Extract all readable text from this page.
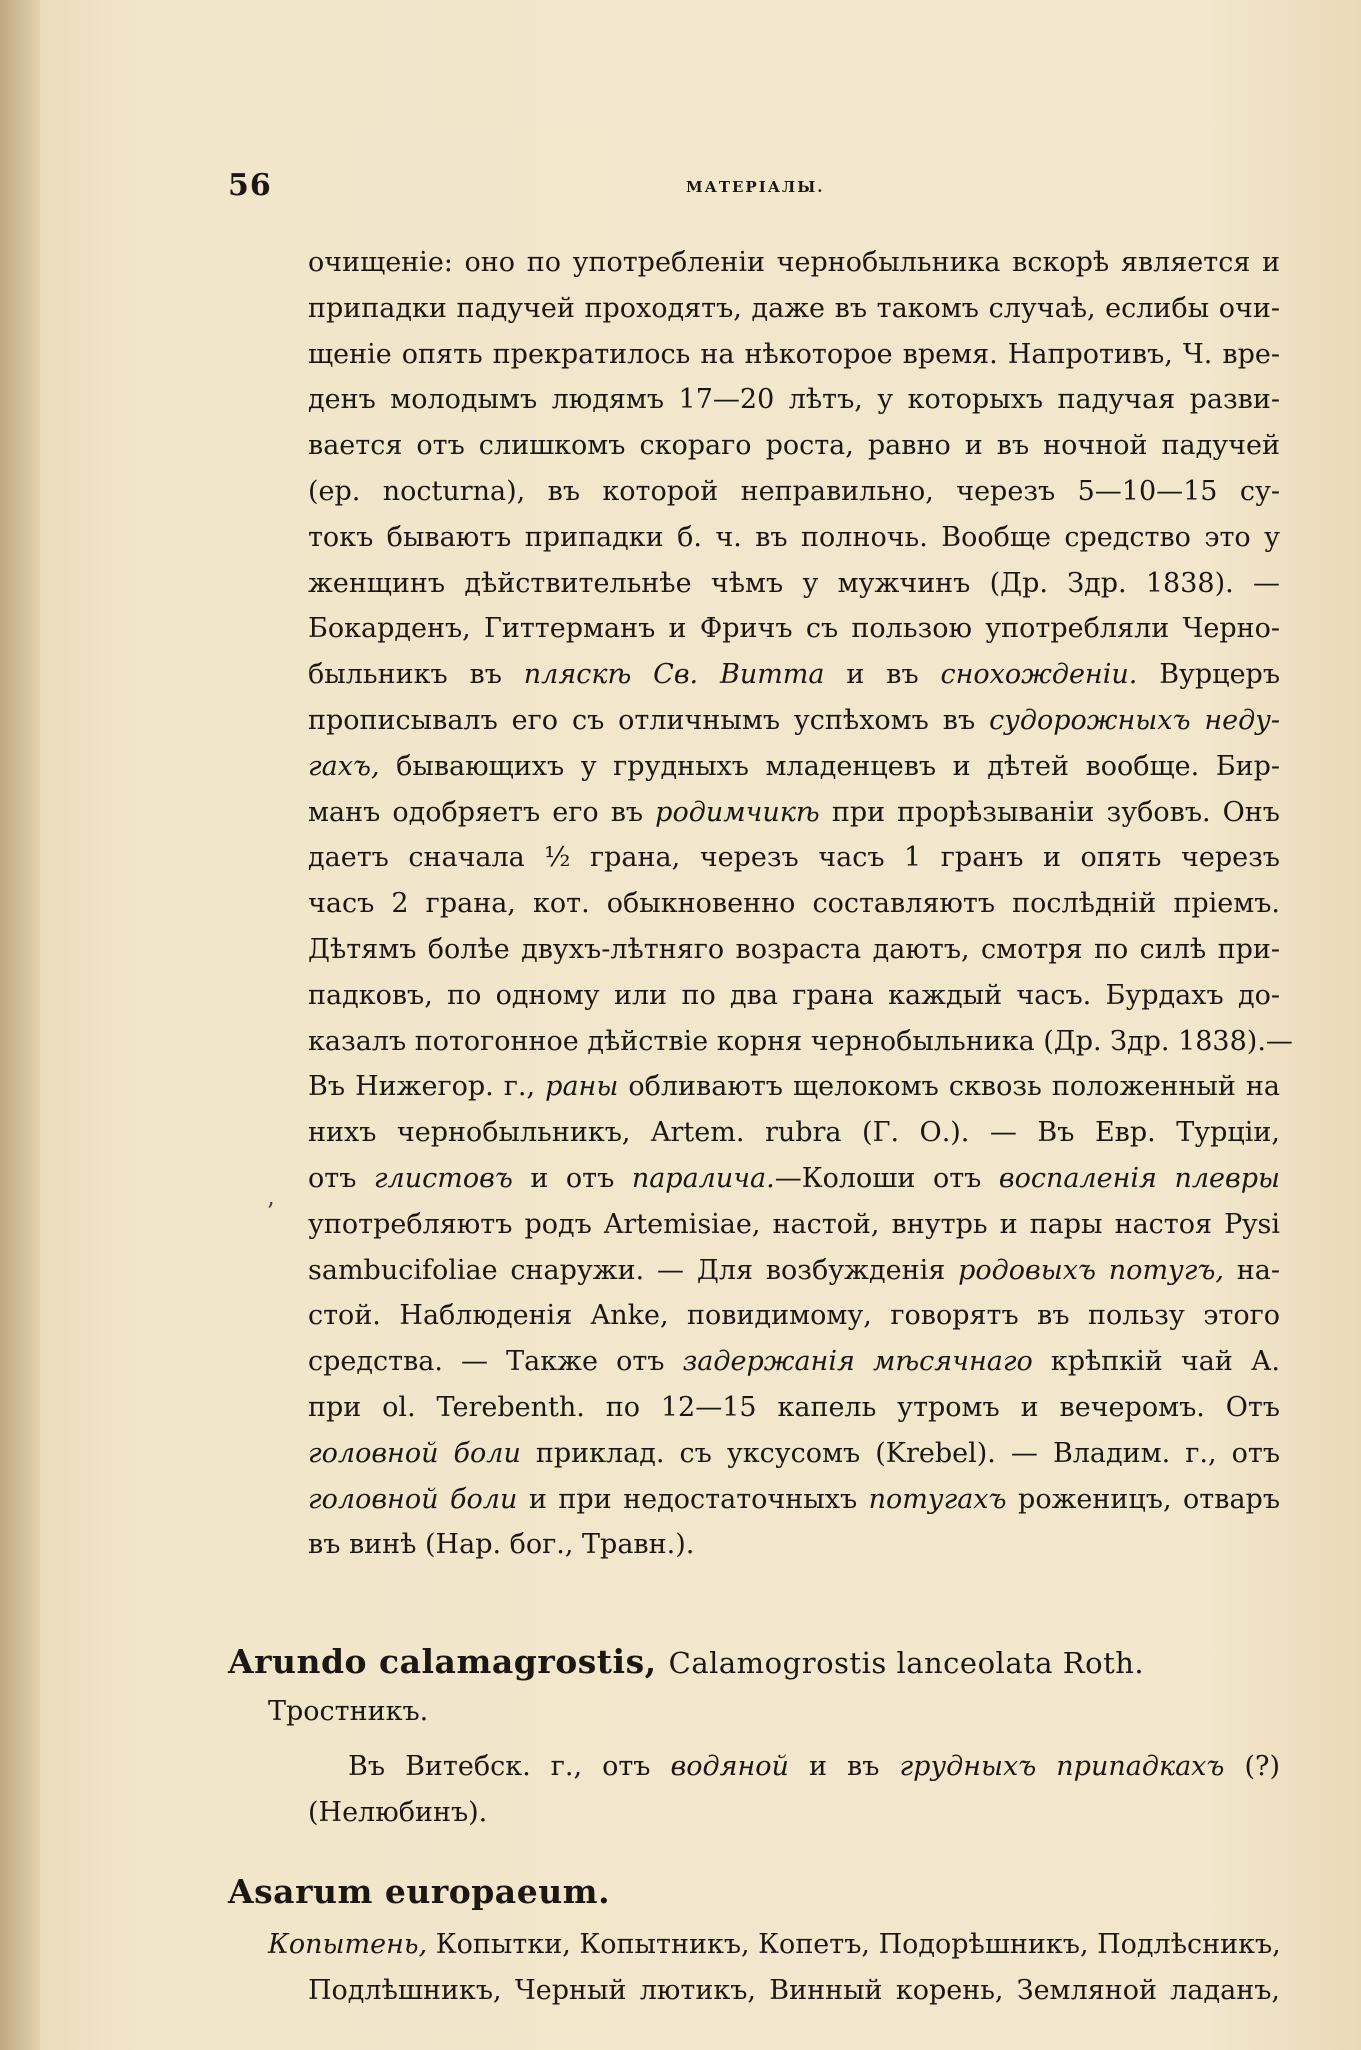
56	МАТЕРІАЛЫ.
ʼ
очищеніе: оно по употребленіи чернобыльника вскорѣ является и
припадки падучей проходятъ, даже въ такомъ случаѣ, еслибы очи-
щеніе опять прекратилось на нѣкоторое время. Напротивъ, Ч. вре-
денъ молодымъ людямъ 17—20 лѣтъ, у которыхъ падучая разви-
вается отъ слишкомъ скораго роста, равно и въ ночной падучей
(ер. nocturna), въ которой неправильно, черезъ 5—10—15 су-
токъ бываютъ припадки б. ч. въ полночь. Вообще средство это у
женщинъ дѣйствительнѣе чѣмъ у мужчинъ (Др. Здр. 1838). —
Бокарденъ, Гиттерманъ и Фричъ съ пользою употребляли Черно-
быльникъ въ пляскѣ Св. Витта и въ снохожденіи. Вурцеръ
прописывалъ его съ отличнымъ успѣхомъ въ судорожныхъ неду-
гахъ, бывающихъ у грудныхъ младенцевъ и дѣтей вообще. Бир-
манъ одобряетъ его въ родимчикѣ при прорѣзываніи зубовъ. Онъ
даетъ сначала ½ грана, черезъ часъ 1 гранъ и опять черезъ
часъ 2 грана, кот. обыкновенно составляютъ послѣдній пріемъ.
Дѣтямъ болѣе двухъ-лѣтняго возраста даютъ, смотря по силѣ при-
падковъ, по одному или по два грана каждый часъ. Бурдахъ до-
казалъ потогонное дѣйствіе корня чернобыльника (Др. Здр. 1838).—
Въ Нижегор. г., раны обливаютъ щелокомъ сквозь положенный на
нихъ чернобыльникъ, Artem. rubra (Г. О.). — Въ Евр. Турціи,
отъ глистовъ и отъ паралича.—Колоши отъ воспаленія плевры
употребляютъ родъ Artemisiae, настой, внутрь и пары настоя Pysi
sambucifoliae снаружи. — Для возбужденія родовыхъ потугъ, на-
стой. Наблюденія Anke, повидимому, говорятъ въ пользу этого
средства. — Также отъ задержанія мѣсячнаго крѣпкій чай А.
при ol. Terebenth. по 12—15 капель утромъ и вечеромъ. Отъ
головной боли приклад. съ уксусомъ (Krebel). — Владим. г., отъ
головной боли и при недостаточныхъ потугахъ роженицъ, отваръ
въ винѣ (Нар. бог., Травн.).
Arundo calamagrostis, Calamogrostis lanceolata Roth.
Тростникъ.
Въ Витебск. г., отъ водяной и въ грудныхъ припадкахъ (?)
(Нелюбинъ).
Asarum europaeum.
Копытень, Копытки, Копытникъ, Копетъ, Подорѣшникъ, Подлѣсникъ,
Подлѣшникъ, Черный лютикъ, Винный корень, Земляной ладанъ,
